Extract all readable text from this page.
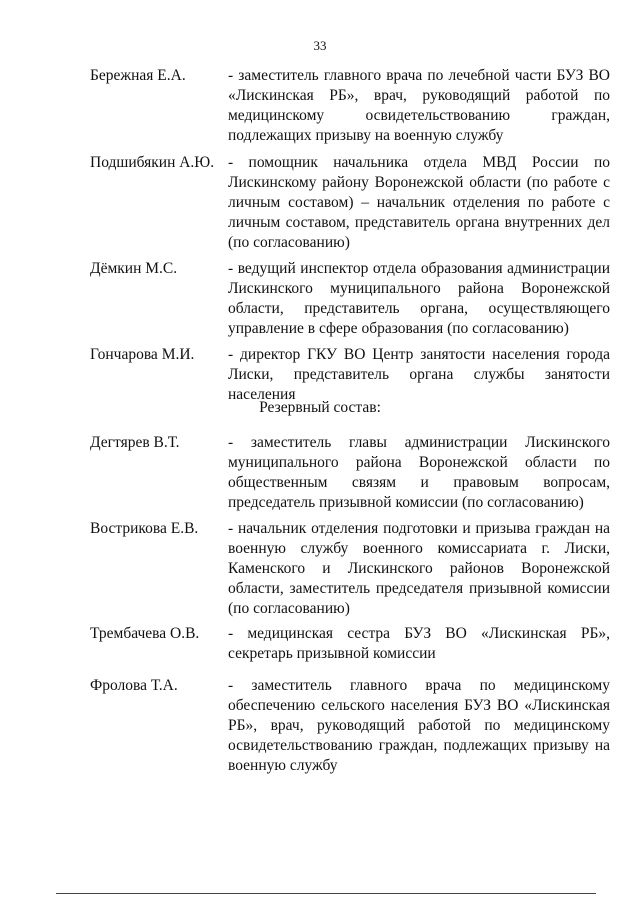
33
Бережная Е.А.	- заместитель главного врача по лечебной части БУЗ ВО «Лискинская РБ», врач, руководящий работой по медицинскому освидетельствованию граждан, подлежащих призыву на военную службу
Подшибякин А.Ю. - помощник начальника отдела МВД России по Лискинскому району Воронежской области (по работе с личным составом) – начальник отделения по работе с личным составом, представитель органа внутренних дел (по согласованию)
Дёмкин М.С.	- ведущий инспектор отдела образования администрации Лискинского муниципального района Воронежской области, представитель органа, осуществляющего управление в сфере образования (по согласованию)
Гончарова М.И.	- директор ГКУ ВО Центр занятости населения города Лиски, представитель органа службы занятости населения
Резервный состав:
Дегтярев В.Т.	- заместитель главы администрации Лискинского муниципального района Воронежской области по общественным связям и правовым вопросам, председатель призывной комиссии (по согласованию)
Вострикова Е.В.	- начальник отделения подготовки и призыва граждан на военную службу военного комиссариата г. Лиски, Каменского и Лискинского районов Воронежской области, заместитель председателя призывной комиссии (по согласованию)
Трембачева О.В.	- медицинская сестра БУЗ ВО «Лискинская РБ», секретарь призывной комиссии
Фролова Т.А.	- заместитель главного врача по медицинскому обеспечению сельского населения БУЗ ВО «Лискинская РБ», врач, руководящий работой по медицинскому освидетельствованию граждан, подлежащих призыву на военную службу
